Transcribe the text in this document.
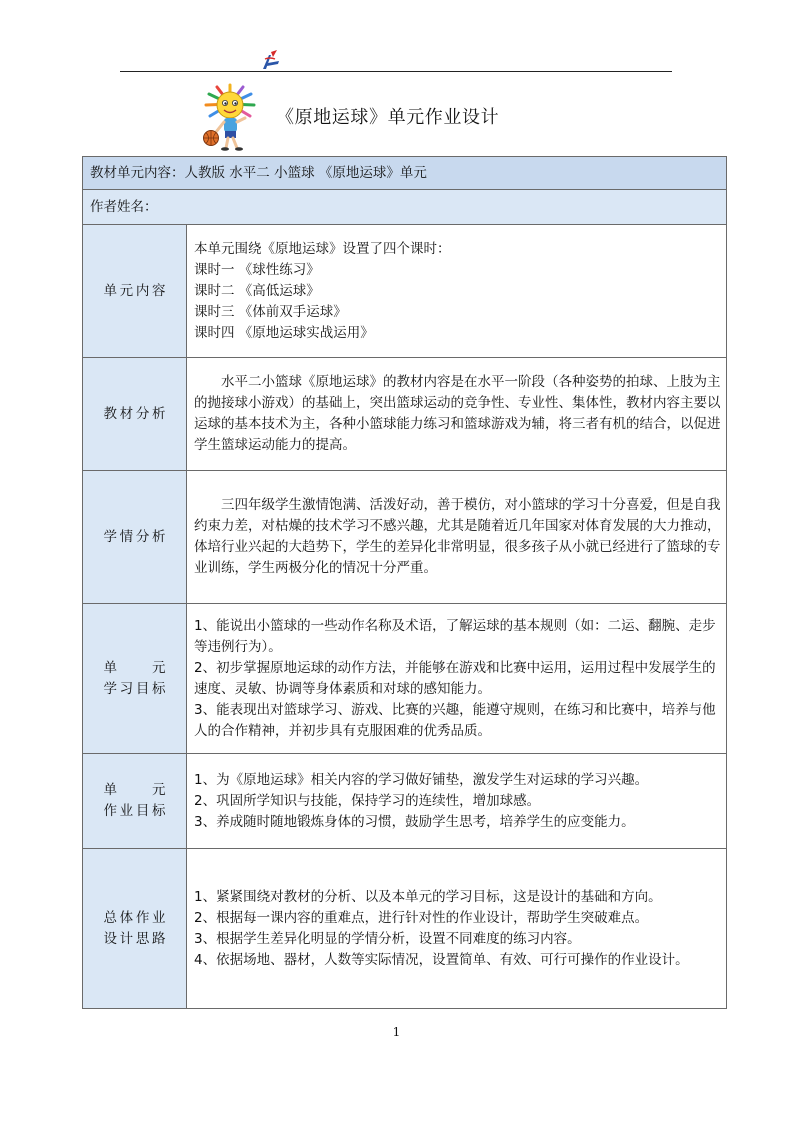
《原地运球》单元作业设计
教材单元内容：人教版 水平二 小篮球 《原地运球》单元	
作者姓名：	

单元内容	本单元围绕《原地运球》设置了四个课时：
课时一 《球性练习》
课时二 《高低运球》
课时三 《体前双手运球》
课时四 《原地运球实战运用》

教材分析	水平二小篮球《原地运球》的教材内容是在水平一阶段（各种姿势的拍球、上肢为主的抛接球小游戏）的基础上，突出篮球运动的竞争性、专业性、集体性，教材内容主要以运球的基本技术为主，各种小篮球能力练习和篮球游戏为辅，将三者有机的结合，以促进学生篮球运动能力的提高。

学情分析	三四年级学生激情饱满、活泼好动，善于模仿，对小篮球的学习十分喜爱，但是自我约束力差，对枯燥的技术学习不感兴趣，尤其是随着近几年国家对体育发展的大力推动，体培行业兴起的大趋势下，学生的差异化非常明显，很多孩子从小就已经进行了篮球的专业训练，学生两极分化的情况十分严重。

单 元
学习目标	1、能说出小篮球的一些动作名称及术语，了解运球的基本规则（如：二运、翻腕、走步等违例行为）。
2、初步掌握原地运球的动作方法，并能够在游戏和比赛中运用，运用过程中发展学生的速度、灵敏、协调等身体素质和对球的感知能力。
3、能表现出对篮球学习、游戏、比赛的兴趣，能遵守规则，在练习和比赛中，培养与他人的合作精神，并初步具有克服困难的优秀品质。

单 元
作业目标	1、为《原地运球》相关内容的学习做好铺垫，激发学生对运球的学习兴趣。
2、巩固所学知识与技能，保持学习的连续性，增加球感。
3、养成随时随地锻炼身体的习惯，鼓励学生思考，培养学生的应变能力。

总体作业
设计思路	1、紧紧围绕对教材的分析、以及本单元的学习目标，这是设计的基础和方向。
2、根据每一课内容的重难点，进行针对性的作业设计，帮助学生突破难点。
3、根据学生差异化明显的学情分析，设置不同难度的练习内容。
4、依据场地、器材，人数等实际情况，设置简单、有效、可行可操作的作业设计。
1
